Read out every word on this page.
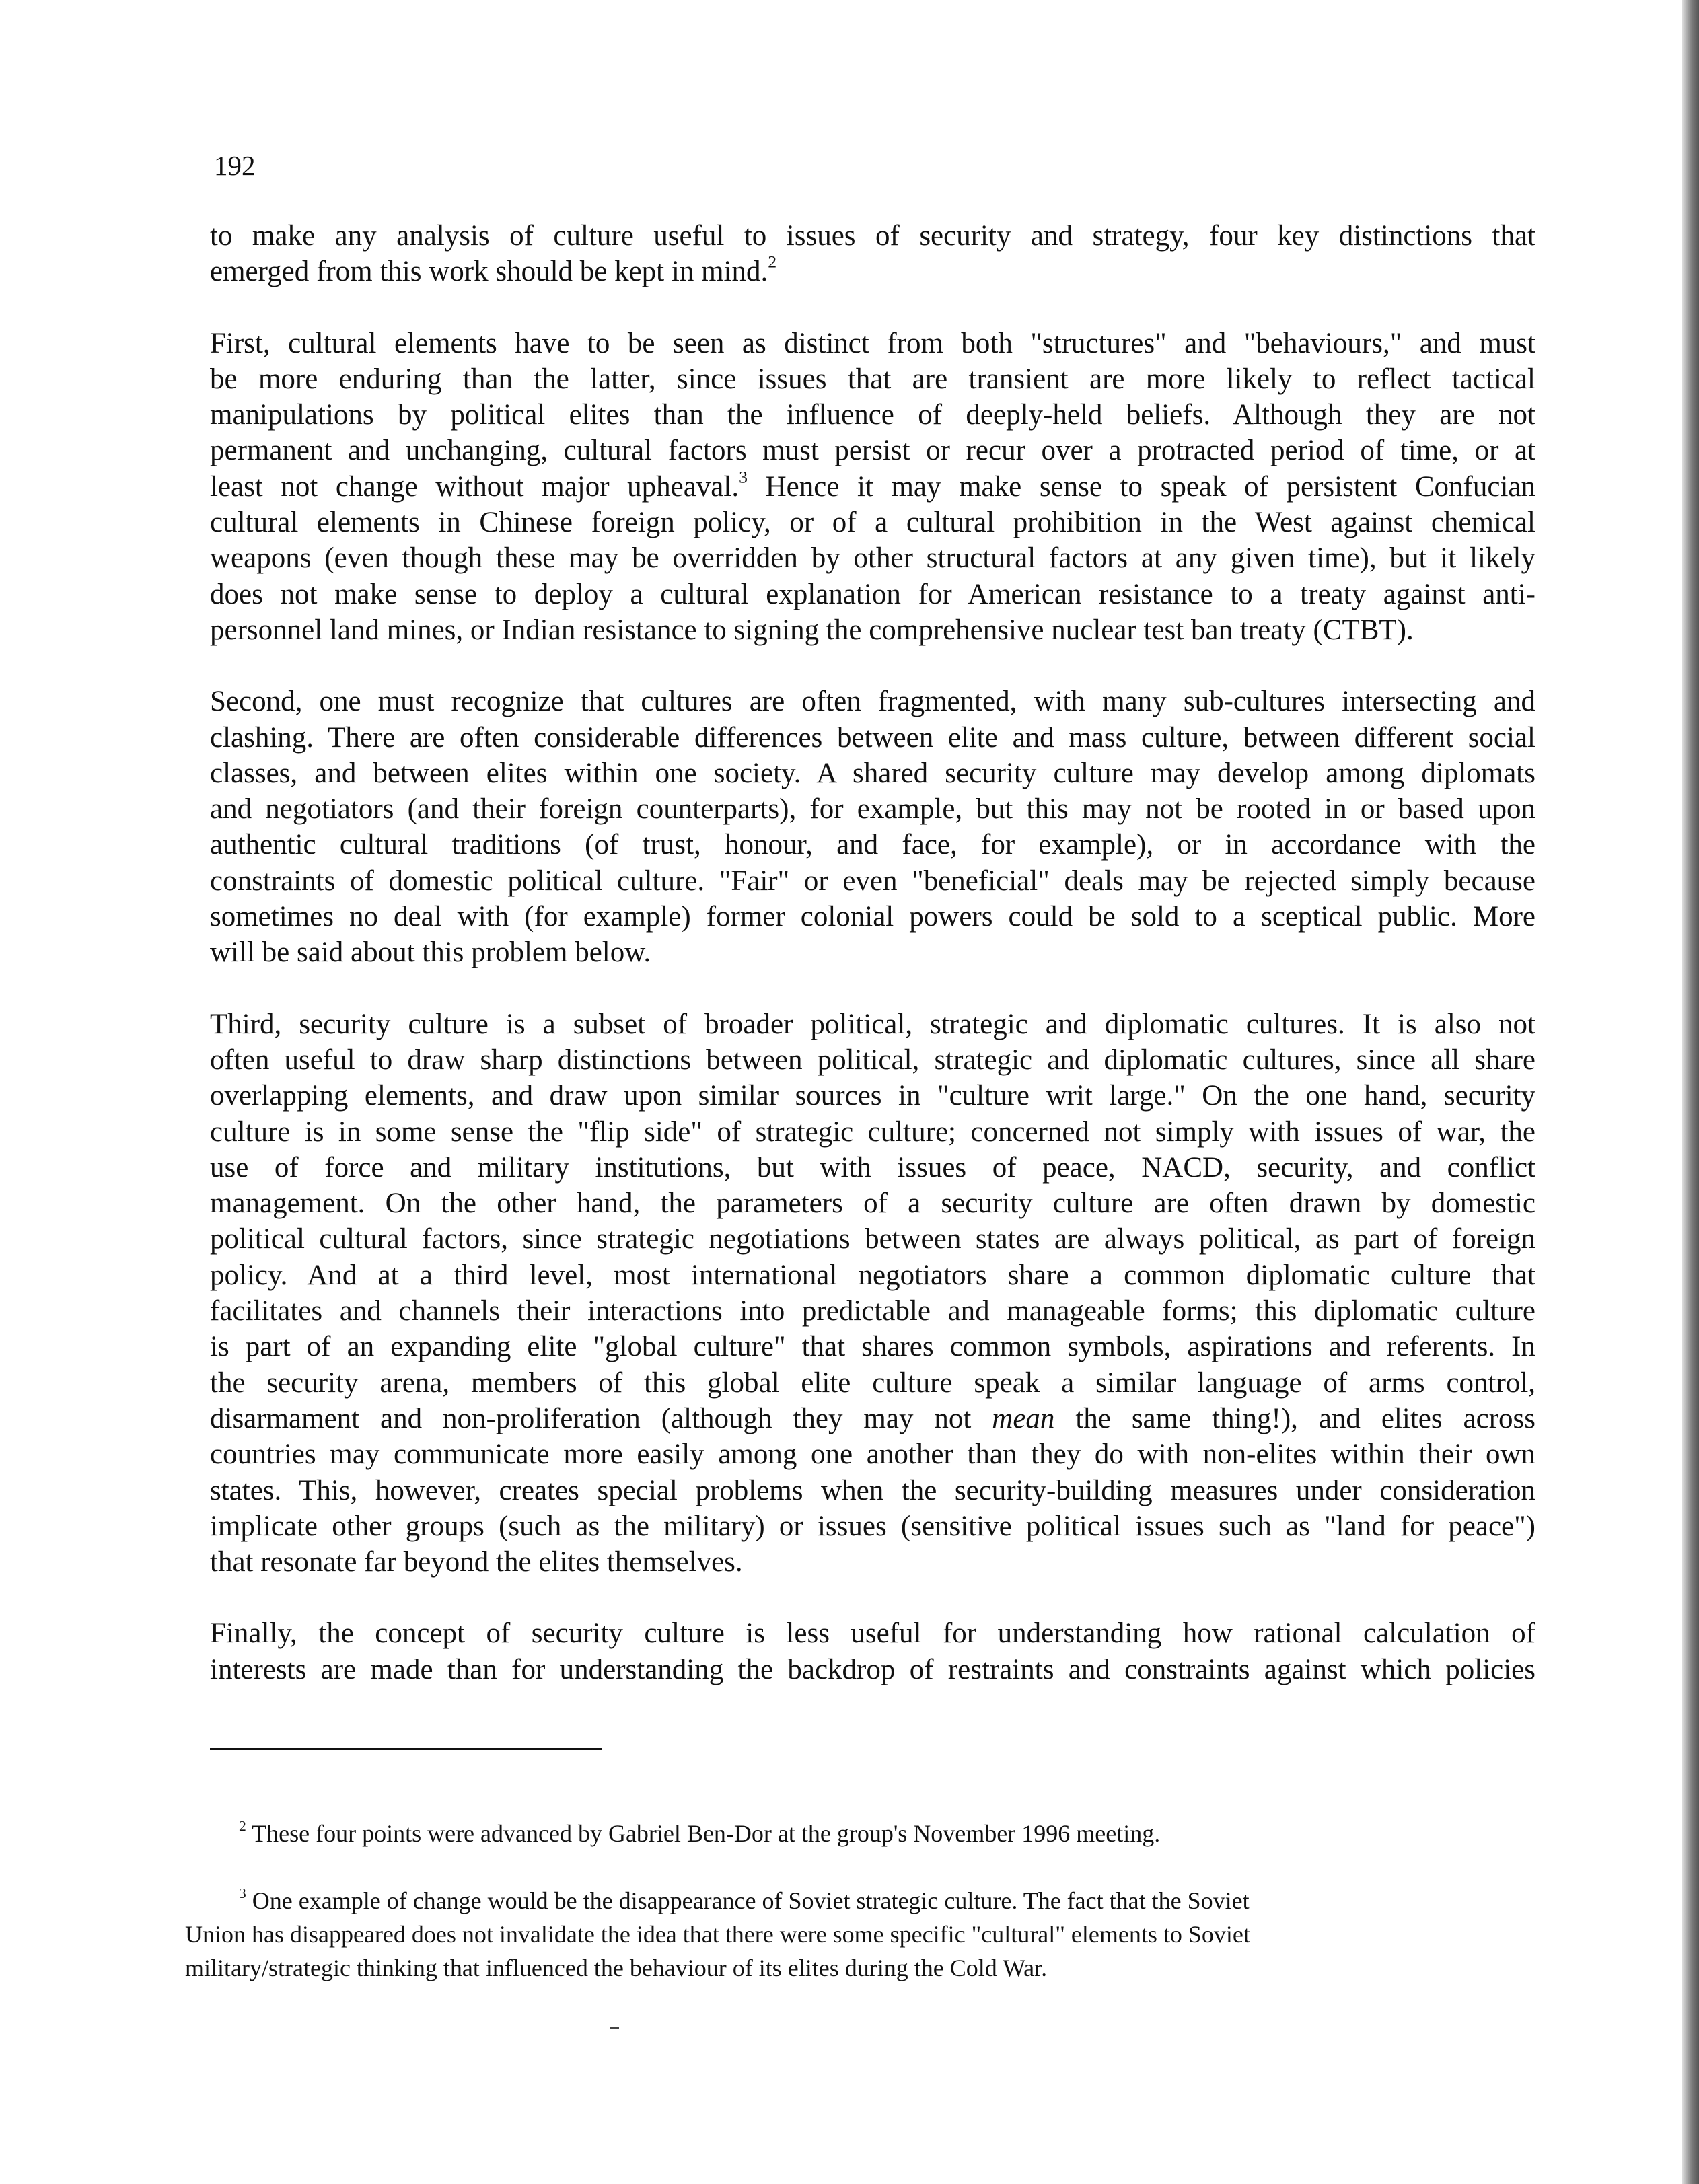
192

to make any analysis of culture useful to issues of security and strategy, four key distinctions that
emerged from this work should be kept in mind.$^2$

First, cultural elements have to be seen as distinct from both "structures" and "behaviours," and must
be more enduring than the latter, since issues that are transient are more likely to reflect tactical
manipulations by political elites than the influence of deeply-held beliefs. Although they are not
permanent and unchanging, cultural factors must persist or recur over a protracted period of time, or at
least not change without major upheaval.$^3$ Hence it may make sense to speak of persistent Confucian
cultural elements in Chinese foreign policy, or of a cultural prohibition in the West against chemical
weapons (even though these may be overridden by other structural factors at any given time), but it likely
does not make sense to deploy a cultural explanation for American resistance to a treaty against anti-
personnel land mines, or Indian resistance to signing the comprehensive nuclear test ban treaty (CTBT).

Second, one must recognize that cultures are often fragmented, with many sub-cultures intersecting and
clashing. There are often considerable differences between elite and mass culture, between different social
classes, and between elites within one society. A shared security culture may develop among diplomats
and negotiators (and their foreign counterparts), for example, but this may not be rooted in or based upon
authentic cultural traditions (of trust, honour, and face, for example), or in accordance with the
constraints of domestic political culture. "Fair" or even "beneficial" deals may be rejected simply because
sometimes no deal with (for example) former colonial powers could be sold to a sceptical public. More
will be said about this problem below.

Third, security culture is a subset of broader political, strategic and diplomatic cultures. It is also not
often useful to draw sharp distinctions between political, strategic and diplomatic cultures, since all share
overlapping elements, and draw upon similar sources in "culture writ large." On the one hand, security
culture is in some sense the "flip side" of strategic culture; concerned not simply with issues of war, the
use of force and military institutions, but with issues of peace, NACD, security, and conflict
management. On the other hand, the parameters of a security culture are often drawn by domestic
political cultural factors, since strategic negotiations between states are always political, as part of foreign
policy. And at a third level, most international negotiators share a common diplomatic culture that
facilitates and channels their interactions into predictable and manageable forms; this diplomatic culture
is part of an expanding elite "global culture" that shares common symbols, aspirations and referents. In
the security arena, members of this global elite culture speak a similar language of arms control,
disarmament and non-proliferation (although they may not mean the same thing!), and elites across
countries may communicate more easily among one another than they do with non-elites within their own
states. This, however, creates special problems when the security-building measures under consideration
implicate other groups (such as the military) or issues (sensitive political issues such as "land for peace")
that resonate far beyond the elites themselves.

Finally, the concept of security culture is less useful for understanding how rational calculation of
interests are made than for understanding the backdrop of restraints and constraints against which policies

$^2$ These four points were advanced by Gabriel Ben-Dor at the group's November 1996 meeting.

$^3$ One example of change would be the disappearance of Soviet strategic culture. The fact that the Soviet
Union has disappeared does not invalidate the idea that there were some specific "cultural" elements to Soviet
military/strategic thinking that influenced the behaviour of its elites during the Cold War.
